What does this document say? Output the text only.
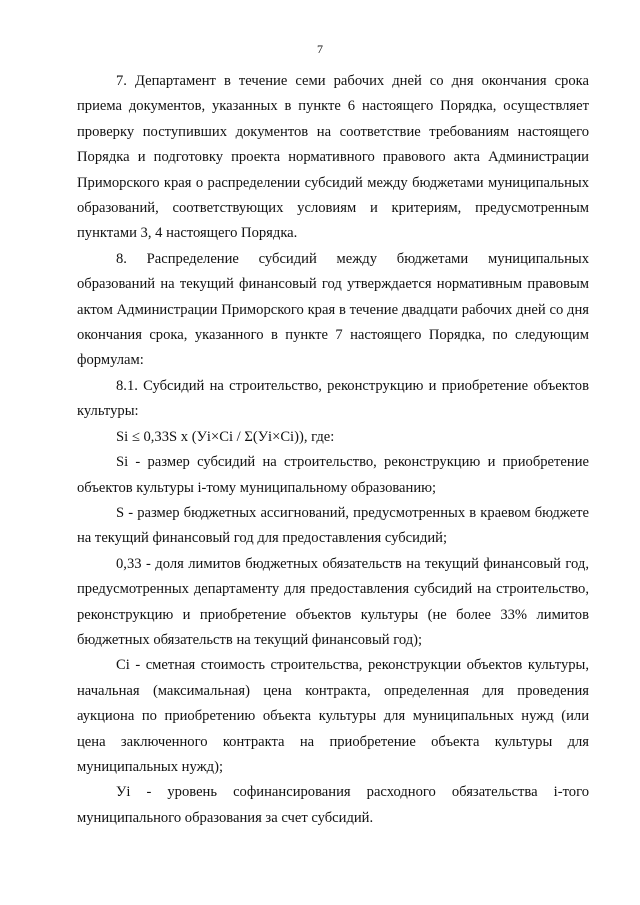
7

7. Департамент в течение семи рабочих дней со дня окончания срока приема документов, указанных в пункте 6 настоящего Порядка, осуществляет проверку поступивших документов на соответствие требованиям настоящего Порядка и подготовку проекта нормативного правового акта Администрации Приморского края о распределении субсидий между бюджетами муниципальных образований, соответствующих условиям и критериям, предусмотренным пунктами 3, 4 настоящего Порядка.

8. Распределение субсидий между бюджетами муниципальных образований на текущий финансовый год утверждается нормативным правовым актом Администрации Приморского края в течение двадцати рабочих дней со дня окончания срока, указанного в пункте 7 настоящего Порядка, по следующим формулам:

8.1. Субсидий на строительство, реконструкцию и приобретение объектов культуры:

Si ≤ 0,33S x (Уi×Ci / Σ(Уi×Ci)), где:

Si - размер субсидий на строительство, реконструкцию и приобретение объектов культуры i-тому муниципальному образованию;

S - размер бюджетных ассигнований, предусмотренных в краевом бюджете на текущий финансовый год для предоставления субсидий;

0,33 - доля лимитов бюджетных обязательств на текущий финансовый год, предусмотренных департаменту для предоставления субсидий на строительство, реконструкцию и приобретение объектов культуры (не более 33% лимитов бюджетных обязательств на текущий финансовый год);

Ci - сметная стоимость строительства, реконструкции объектов культуры, начальная (максимальная) цена контракта, определенная для проведения аукциона по приобретению объекта культуры для муниципальных нужд (или цена заключенного контракта на приобретение объекта культуры для муниципальных нужд);

Уi - уровень софинансирования расходного обязательства i-того муниципального образования за счет субсидий.
